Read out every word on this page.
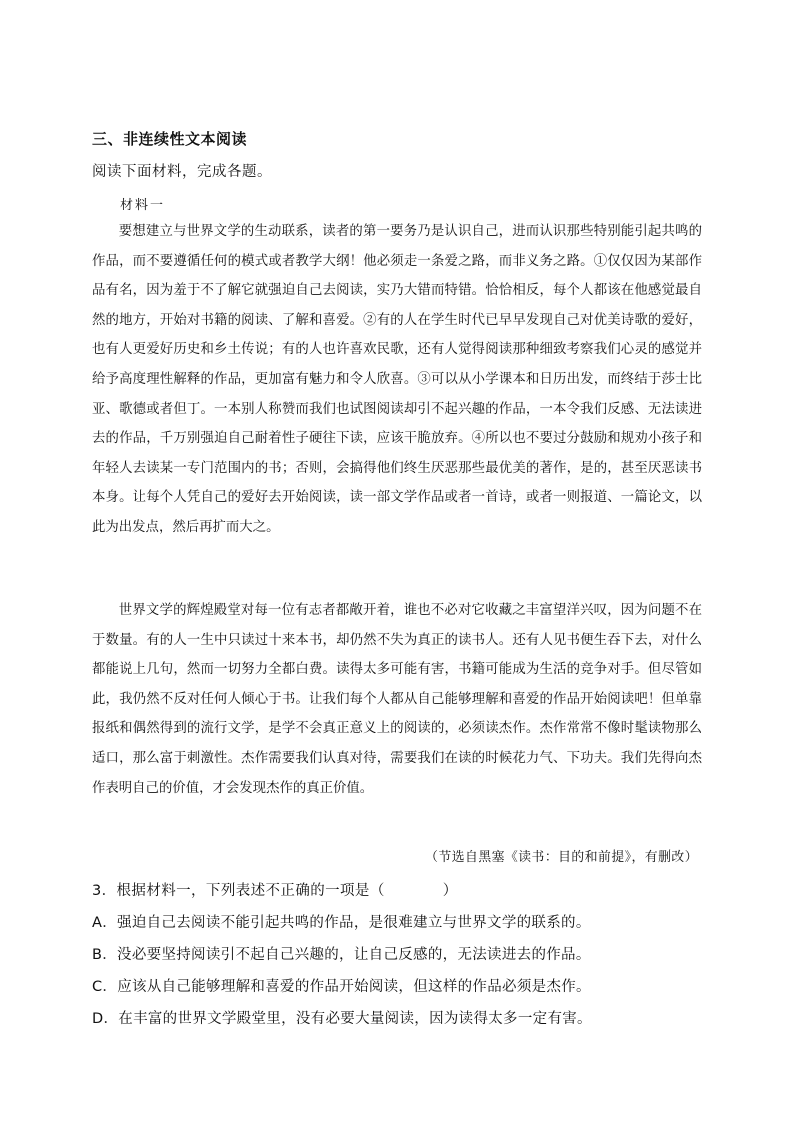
三、非连续性文本阅读
阅读下面材料，完成各题。
材料一

要想建立与世界文学的生动联系，读者的第一要务乃是认识自己，进而认识那些特别能引起共鸣的作品，而不要遵循任何的模式或者教学大纲！他必须走一条爱之路，而非义务之路。①仅仅因为某部作品有名，因为羞于不了解它就强迫自己去阅读，实乃大错而特错。恰恰相反，每个人都该在他感觉最自然的地方，开始对书籍的阅读、了解和喜爱。②有的人在学生时代已早早发现自己对优美诗歌的爱好，也有人更爱好历史和乡土传说；有的人也许喜欢民歌，还有人觉得阅读那种细致考察我们心灵的感觉并给予高度理性解释的作品，更加富有魅力和令人欣喜。③可以从小学课本和日历出发，而终结于莎士比亚、歌德或者但丁。一本别人称赞而我们也试图阅读却引不起兴趣的作品，一本令我们反感、无法读进去的作品，千万别强迫自己耐着性子硬往下读，应该干脆放弃。④所以也不要过分鼓励和规劝小孩子和年轻人去读某一专门范围内的书；否则，会搞得他们终生厌恶那些最优美的著作，是的，甚至厌恶读书本身。让每个人凭自己的爱好去开始阅读，读一部文学作品或者一首诗，或者一则报道、一篇论文，以此为出发点，然后再扩而大之。

世界文学的辉煌殿堂对每一位有志者都敞开着，谁也不必对它收藏之丰富望洋兴叹，因为问题不在于数量。有的人一生中只读过十来本书，却仍然不失为真正的读书人。还有人见书便生吞下去，对什么都能说上几句，然而一切努力全都白费。读得太多可能有害，书籍可能成为生活的竞争对手。但尽管如此，我仍然不反对任何人倾心于书。让我们每个人都从自己能够理解和喜爱的作品开始阅读吧！但单靠报纸和偶然得到的流行文学，是学不会真正意义上的阅读的，必须读杰作。杰作常常不像时髦读物那么适口，那么富于刺激性。杰作需要我们认真对待，需要我们在读的时候花力气、下功夫。我们先得向杰作表明自己的价值，才会发现杰作的真正价值。

（节选自黑塞《读书：目的和前提》，有删改）
3．根据材料一，下列表述不正确的一项是（	）
A．强迫自己去阅读不能引起共鸣的作品，是很难建立与世界文学的联系的。
B．没必要坚持阅读引不起自己兴趣的，让自己反感的，无法读进去的作品。
C．应该从自己能够理解和喜爱的作品开始阅读，但这样的作品必须是杰作。
D．在丰富的世界文学殿堂里，没有必要大量阅读，因为读得太多一定有害。
